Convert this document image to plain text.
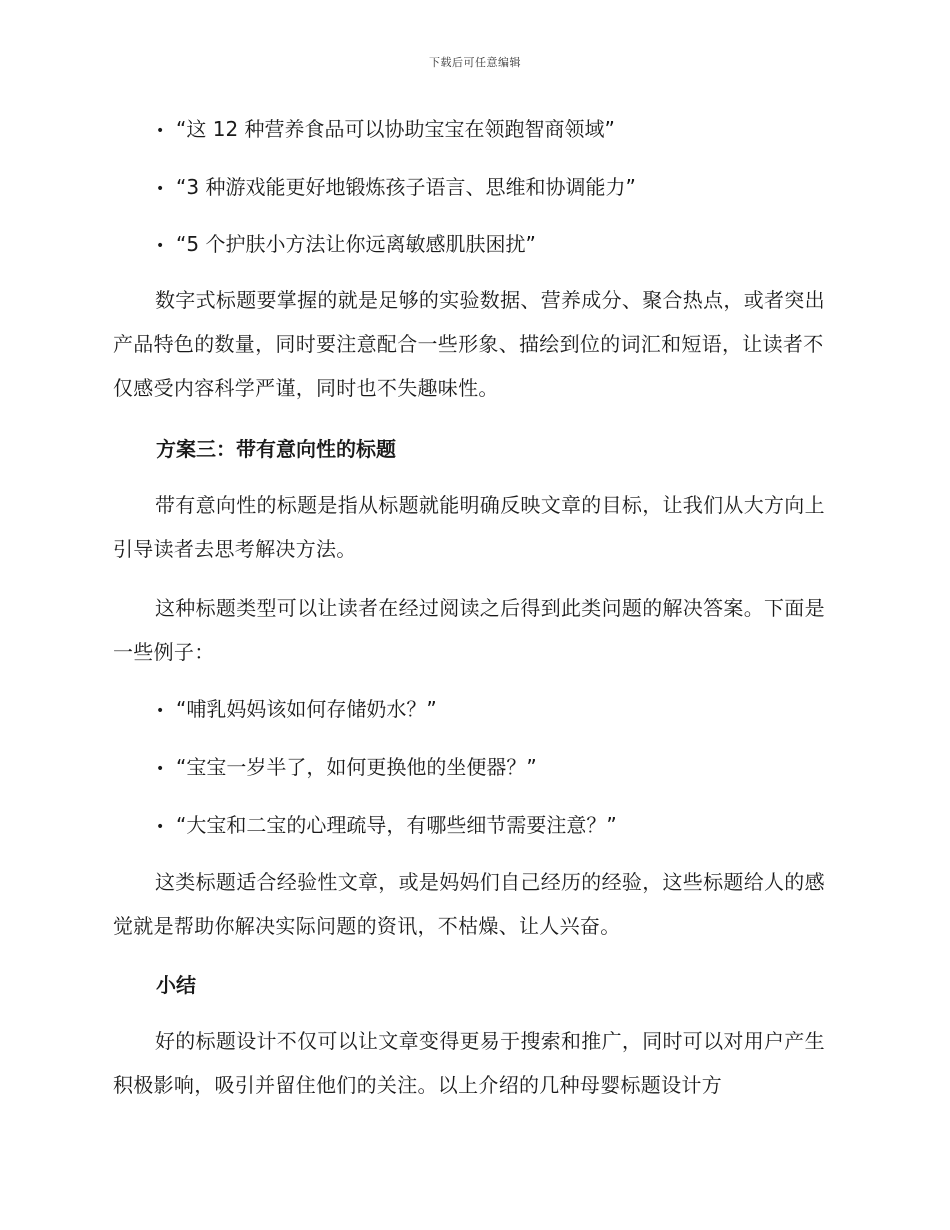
下载后可任意编辑
• “这 12 种营养食品可以协助宝宝在领跑智商领域”
• “3 种游戏能更好地锻炼孩子语言、思维和协调能力”
• “5 个护肤小方法让你远离敏感肌肤困扰”

数字式标题要掌握的就是足够的实验数据、营养成分、聚合热点，或者突出产品特色的数量，同时要注意配合一些形象、描绘到位的词汇和短语，让读者不仅感受内容科学严谨，同时也不失趣味性。

方案三：带有意向性的标题

带有意向性的标题是指从标题就能明确反映文章的目标，让我们从大方向上引导读者去思考解决方法。

这种标题类型可以让读者在经过阅读之后得到此类问题的解决答案。下面是一些例子：

• “哺乳妈妈该如何存储奶水？”
• “宝宝一岁半了，如何更换他的坐便器？”
• “大宝和二宝的心理疏导，有哪些细节需要注意？”

这类标题适合经验性文章，或是妈妈们自己经历的经验，这些标题给人的感觉就是帮助你解决实际问题的资讯，不枯燥、让人兴奋。

小结

好的标题设计不仅可以让文章变得更易于搜索和推广，同时可以对用户产生积极影响，吸引并留住他们的关注。以上介绍的几种母婴标题设计方
